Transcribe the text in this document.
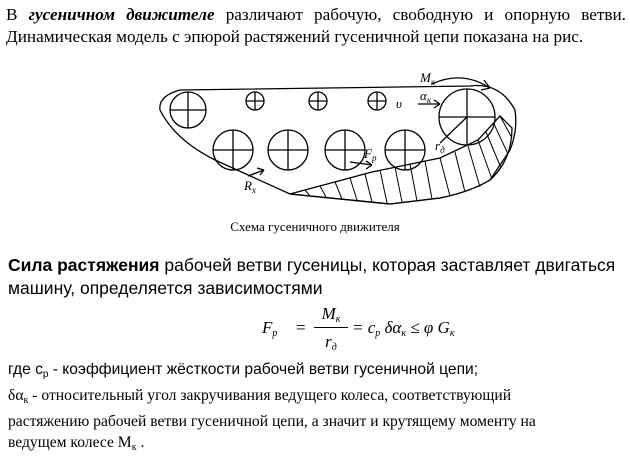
В гусеничном движителе различают рабочую, свободную и опорную ветви. Динамическая модель с эпюрой растяжений гусеничной цепи показана на рис.
$M_к$
$\alpha_к$
υ
$r_д$
$F_р$
$R_x$
Схема гусеничного движителя
Сила растяжения рабочей ветви гусеницы, которая заставляет двигаться машину, определяется зависимостями
$F_р$ =
$M_к$
$r_д$
= $c_р$ $\delta\alpha_к \le \varphi$ $G_к$
где $c_р$ - коэффициент жёсткости рабочей ветви гусеничной цепи;
$\delta\alpha_к$ - относительный угол закручивания ведущего колеса, соответствующий
растяжению рабочей ветви гусеничной цепи, а значит и крутящему моменту на
ведущем колесе $M_к$ .
